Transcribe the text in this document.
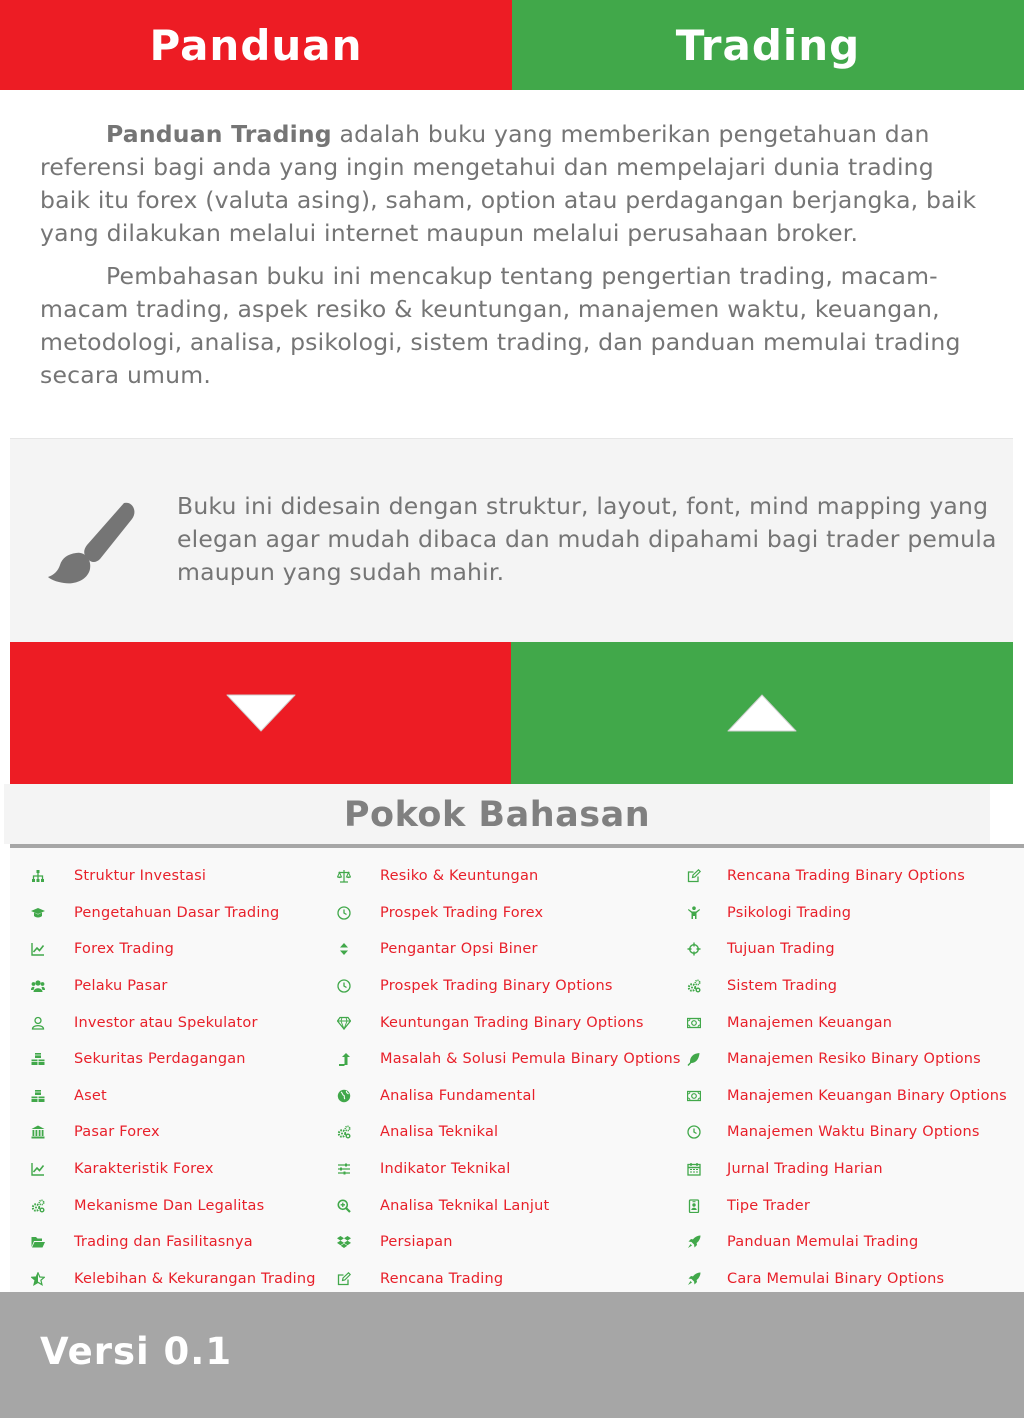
Panduan	Trading

Panduan Trading adalah buku yang memberikan pengetahuan dan referensi bagi anda yang ingin mengetahui dan mempelajari dunia trading baik itu forex (valuta asing), saham, option atau perdagangan berjangka, baik yang dilakukan melalui internet maupun melalui perusahaan broker.

Pembahasan buku ini mencakup tentang pengertian trading, macam-macam trading, aspek resiko & keuntungan, manajemen waktu, keuangan, metodologi, analisa, psikologi, sistem trading, dan panduan memulai trading secara umum.

Buku ini didesain dengan struktur, layout, font, mind mapping yang elegan agar mudah dibaca dan mudah dipahami bagi trader pemula maupun yang sudah mahir.
Pokok Bahasan
Struktur Investasi
Pengetahuan Dasar Trading
Forex Trading
Pelaku Pasar
Investor atau Spekulator
Sekuritas Perdagangan
Aset
Pasar Forex
Karakteristik Forex
Mekanisme Dan Legalitas
Trading dan Fasilitasnya
Kelebihan & Kekurangan Trading
Resiko & Keuntungan
Prospek Trading Forex
Pengantar Opsi Biner
Prospek Trading Binary Options
Keuntungan Trading Binary Options
Masalah & Solusi Pemula Binary Options
Analisa Fundamental
Analisa Teknikal
Indikator Teknikal
Analisa Teknikal Lanjut
Persiapan
Rencana Trading
Rencana Trading Binary Options
Psikologi Trading
Tujuan Trading
Sistem Trading
Manajemen Keuangan
Manajemen Resiko Binary Options
Manajemen Keuangan Binary Options
Manajemen Waktu Binary Options
Jurnal Trading Harian
Tipe Trader
Panduan Memulai Trading
Cara Memulai Binary Options
Versi 0.1
